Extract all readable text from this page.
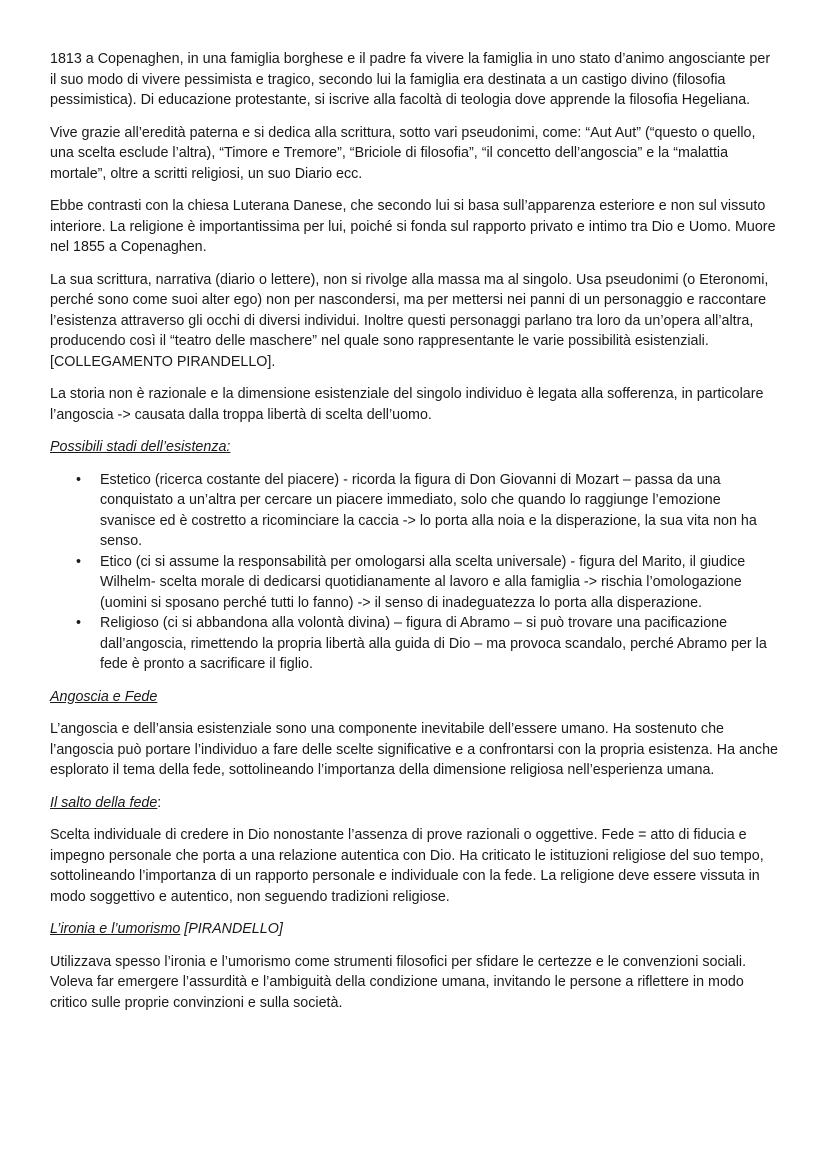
1813 a Copenaghen, in una famiglia borghese e il padre fa vivere la famiglia in uno stato d’animo angosciante per il suo modo di vivere pessimista e tragico, secondo lui la famiglia era destinata a un castigo divino (filosofia pessimistica). Di educazione protestante, si iscrive alla facoltà di teologia dove apprende la filosofia Hegeliana.

Vive grazie all’eredità paterna e si dedica alla scrittura, sotto vari pseudonimi, come: “Aut Aut” (“questo o quello, una scelta esclude l’altra), “Timore e Tremore”, “Briciole di filosofia”, “il concetto dell’angoscia” e la “malattia mortale”, oltre a scritti religiosi, un suo Diario ecc.

Ebbe contrasti con la chiesa Luterana Danese, che secondo lui si basa sull’apparenza esteriore e non sul vissuto interiore. La religione è importantissima per lui, poiché si fonda sul rapporto privato e intimo tra Dio e Uomo. Muore nel 1855 a Copenaghen.

La sua scrittura, narrativa (diario o lettere), non si rivolge alla massa ma al singolo. Usa pseudonimi (o Eteronomi, perché sono come suoi alter ego) non per nascondersi, ma per mettersi nei panni di un personaggio e raccontare l’esistenza attraverso gli occhi di diversi individui. Inoltre questi personaggi parlano tra loro da un’opera all’altra, producendo così il “teatro delle maschere” nel quale sono rappresentante le varie possibilità esistenziali. [COLLEGAMENTO PIRANDELLO].

La storia non è razionale e la dimensione esistenziale del singolo individuo è legata alla sofferenza, in particolare l’angoscia -> causata dalla troppa libertà di scelta dell’uomo.

Possibili stadi dell’esistenza:
• Estetico (ricerca costante del piacere) - ricorda la figura di Don Giovanni di Mozart – passa da una conquistato a un’altra per cercare un piacere immediato, solo che quando lo raggiunge l’emozione svanisce ed è costretto a ricominciare la caccia -> lo porta alla noia e la disperazione, la sua vita non ha senso.
• Etico (ci si assume la responsabilità per omologarsi alla scelta universale) - figura del Marito, il giudice Wilhelm- scelta morale di dedicarsi quotidianamente al lavoro e alla famiglia -> rischia l’omologazione (uomini si sposano perché tutti lo fanno) -> il senso di inadeguatezza lo porta alla disperazione.
• Religioso (ci si abbandona alla volontà divina) – figura di Abramo – si può trovare una pacificazione dall’angoscia, rimettendo la propria libertà alla guida di Dio – ma provoca scandalo, perché Abramo per la fede è pronto a sacrificare il figlio.
Angoscia e Fede

L’angoscia e dell’ansia esistenziale sono una componente inevitabile dell’essere umano. Ha sostenuto che l’angoscia può portare l’individuo a fare delle scelte significative e a confrontarsi con la propria esistenza. Ha anche esplorato il tema della fede, sottolineando l’importanza della dimensione religiosa nell’esperienza umana.

Il salto della fede:

Scelta individuale di credere in Dio nonostante l’assenza di prove razionali o oggettive. Fede = atto di fiducia e impegno personale che porta a una relazione autentica con Dio. Ha criticato le istituzioni religiose del suo tempo, sottolineando l’importanza di un rapporto personale e individuale con la fede. La religione deve essere vissuta in modo soggettivo e autentico, non seguendo tradizioni religiose.

L’ironia e l’umorismo [PIRANDELLO]

Utilizzava spesso l’ironia e l’umorismo come strumenti filosofici per sfidare le certezze e le convenzioni sociali. Voleva far emergere l’assurdità e l’ambiguità della condizione umana, invitando le persone a riflettere in modo critico sulle proprie convinzioni e sulla società.
